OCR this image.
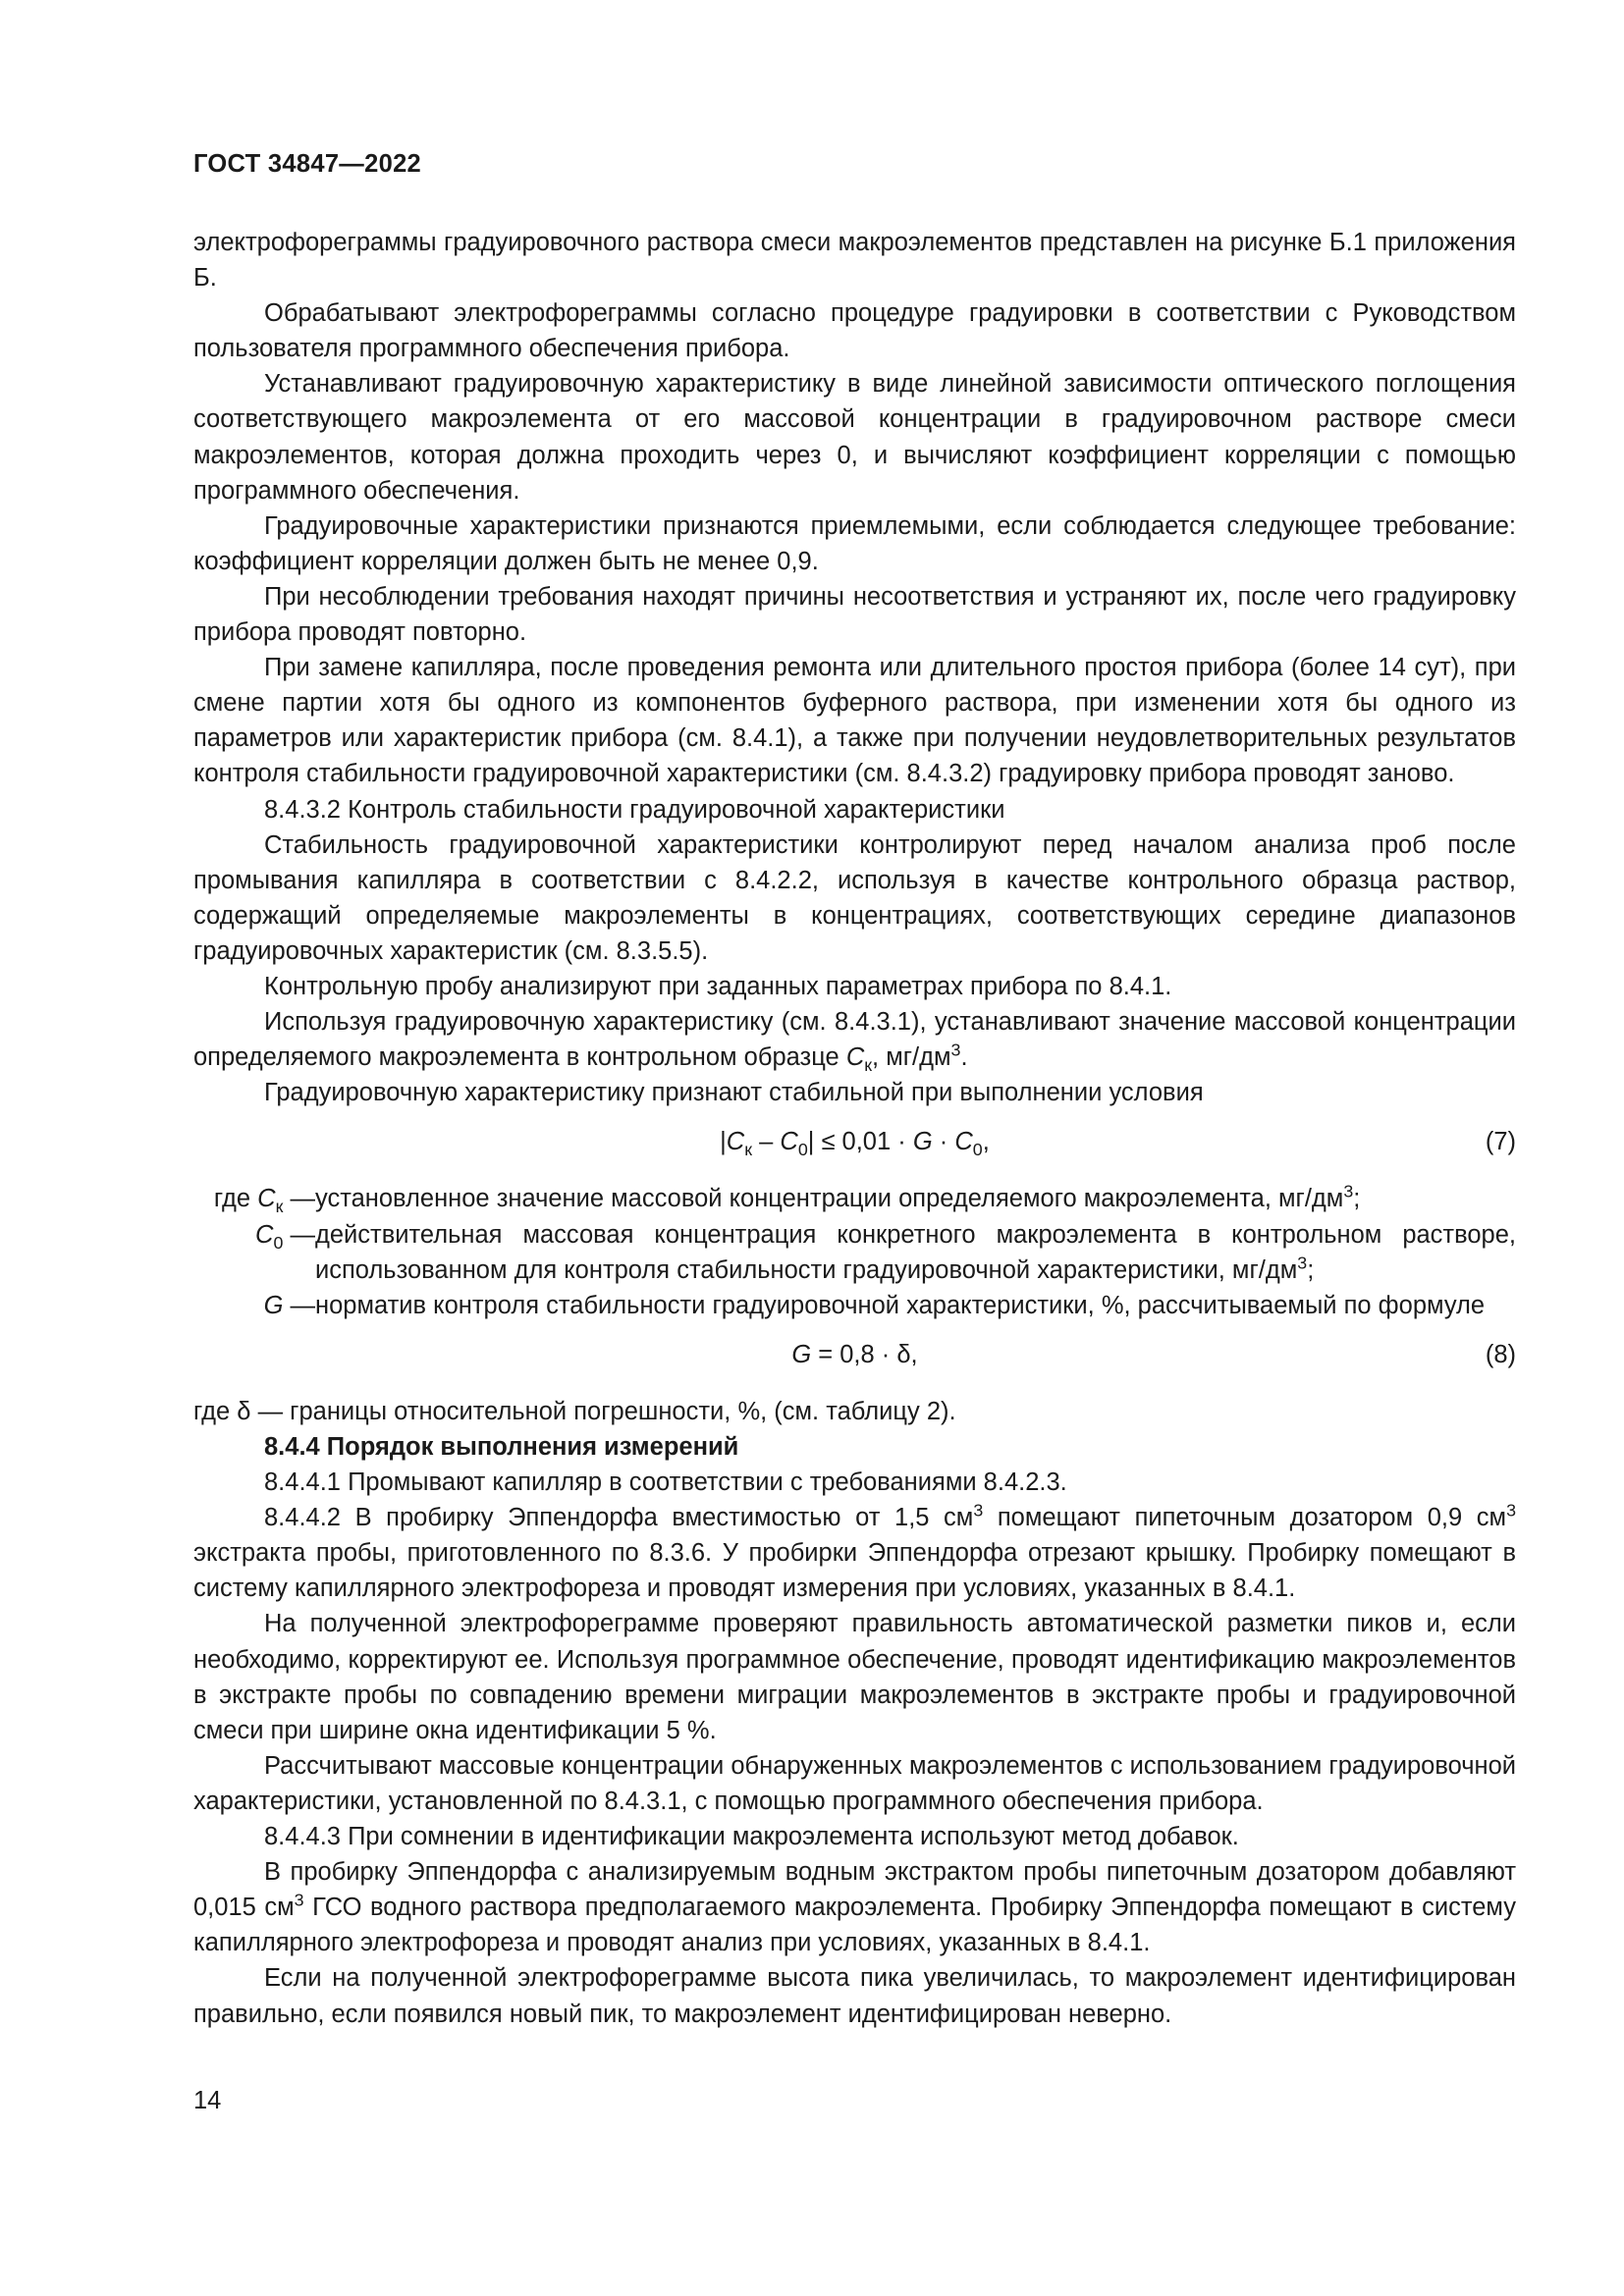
ГОСТ 34847—2022

электрофореграммы градуировочного раствора смеси макроэлементов представлен на рисунке Б.1 приложения Б.

Обрабатывают электрофореграммы согласно процедуре градуировки в соответствии с Руководством пользователя программного обеспечения прибора.

Устанавливают градуировочную характеристику в виде линейной зависимости оптического поглощения соответствующего макроэлемента от его массовой концентрации в градуировочном растворе смеси макроэлементов, которая должна проходить через 0, и вычисляют коэффициент корреляции с помощью программного обеспечения.

Градуировочные характеристики признаются приемлемыми, если соблюдается следующее требование: коэффициент корреляции должен быть не менее 0,9.

При несоблюдении требования находят причины несоответствия и устраняют их, после чего градуировку прибора проводят повторно.

При замене капилляра, после проведения ремонта или длительного простоя прибора (более 14 сут), при смене партии хотя бы одного из компонентов буферного раствора, при изменении хотя бы одного из параметров или характеристик прибора (см. 8.4.1), а также при получении неудовлетворительных результатов контроля стабильности градуировочной характеристики (см. 8.4.3.2) градуировку прибора проводят заново.

8.4.3.2 Контроль стабильности градуировочной характеристики

Стабильность градуировочной характеристики контролируют перед началом анализа проб после промывания капилляра в соответствии с 8.4.2.2, используя в качестве контрольного образца раствор, содержащий определяемые макроэлементы в концентрациях, соответствующих середине диапазонов градуировочных характеристик (см. 8.3.5.5).

Контрольную пробу анализируют при заданных параметрах прибора по 8.4.1.

Используя градуировочную характеристику (см. 8.4.3.1), устанавливают значение массовой концентрации определяемого макроэлемента в контрольном образце $C_к$, $мг/дм^3$.

Градуировочную характеристику признают стабильной при выполнении условия

$|C_к - C_0| \le 0,01 \cdot G \cdot C_0$,	(7)
где $C_к$ — установленное значение массовой концентрации определяемого макроэлемента, $мг/дм^3$;
$C_0$ — действительная массовая концентрация конкретного макроэлемента в контрольном растворе, использованном для контроля стабильности градуировочной характеристики, $мг/дм^3$;
G — норматив контроля стабильности градуировочной характеристики, %, рассчитываемый по формуле
G = 0,8 · δ,	(8)

где δ — границы относительной погрешности, %, (см. таблицу 2).

8.4.4 Порядок выполнения измерений

8.4.4.1 Промывают капилляр в соответствии с требованиями 8.4.2.3.

8.4.4.2 В пробирку Эппендорфа вместимостью от 1,5 $см^3$ помещают пипеточным дозатором 0,9 $см^3$ экстракта пробы, приготовленного по 8.3.6. У пробирки Эппендорфа отрезают крышку. Пробирку помещают в систему капиллярного электрофореза и проводят измерения при условиях, указанных в 8.4.1.

На полученной электрофореграмме проверяют правильность автоматической разметки пиков и, если необходимо, корректируют ее. Используя программное обеспечение, проводят идентификацию макроэлементов в экстракте пробы по совпадению времени миграции макроэлементов в экстракте пробы и градуировочной смеси при ширине окна идентификации 5 %.

Рассчитывают массовые концентрации обнаруженных макроэлементов с использованием градуировочной характеристики, установленной по 8.4.3.1, с помощью программного обеспечения прибора.

8.4.4.3 При сомнении в идентификации макроэлемента используют метод добавок.

В пробирку Эппендорфа с анализируемым водным экстрактом пробы пипеточным дозатором добавляют 0,015 $см^3$ ГСО водного раствора предполагаемого макроэлемента. Пробирку Эппендорфа помещают в систему капиллярного электрофореза и проводят анализ при условиях, указанных в 8.4.1.

Если на полученной электрофореграмме высота пика увеличилась, то макроэлемент идентифицирован правильно, если появился новый пик, то макроэлемент идентифицирован неверно.

14
